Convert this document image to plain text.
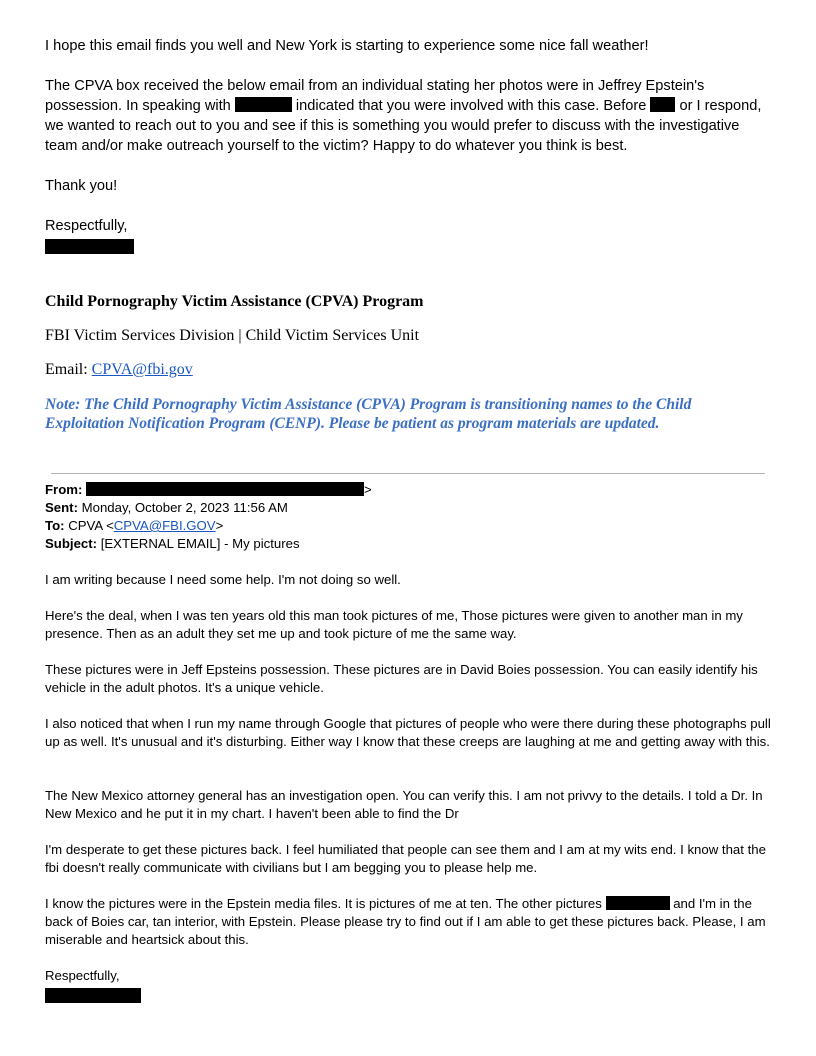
I hope this email finds you well and New York is starting to experience some nice fall weather!

The CPVA box received the below email from an individual stating her photos were in Jeffrey Epstein's possession. In speaking with	indicated that you were involved with this case. Before or I respond, we wanted to reach out to you and see if this is something you would prefer to discuss with the investigative team and/or make outreach yourself to the victim? Happy to do whatever you think is best.

Thank you!

Respectfully,

Child Pornography Victim Assistance (CPVA) Program

FBI Victim Services Division | Child Victim Services Unit

Email: CPVA@fbi.gov

Note: The Child Pornography Victim Assistance (CPVA) Program is transitioning names to the Child Exploitation Notification Program (CENP). Please be patient as program materials are updated.

From:	>

Sent: Monday, October 2, 2023 11:56 AM

To: CPVA <CPVA@FBI.GOV>

Subject: [EXTERNAL EMAIL] - My pictures

I am writing because I need some help. I'm not doing so well.

Here's the deal, when I was ten years old this man took pictures of me, Those pictures were given to another man in my presence. Then as an adult they set me up and took picture of me the same way.

These pictures were in Jeff Epsteins possession. These pictures are in David Boies possession. You can easily identify his vehicle in the adult photos. It's a unique vehicle.

I also noticed that when I run my name through Google that pictures of people who were there during these photographs pull up as well. It's unusual and it's disturbing. Either way I know that these creeps are laughing at me and getting away with this.

The New Mexico attorney general has an investigation open. You can verify this. I am not privvy to the details. I told a Dr. In New Mexico and he put it in my chart. I haven't been able to find the Dr

I'm desperate to get these pictures back. I feel humiliated that people can see them and I am at my wits end. I know that the fbi doesn't really communicate with civilians but I am begging you to please help me.

I know the pictures were in the Epstein media files. It is pictures of me at ten. The other pictures	and I'm in the back of Boies car, tan interior, with Epstein. Please please try to find out if I am able to get these pictures back. Please, I am miserable and heartsick about this.

Respectfully,
